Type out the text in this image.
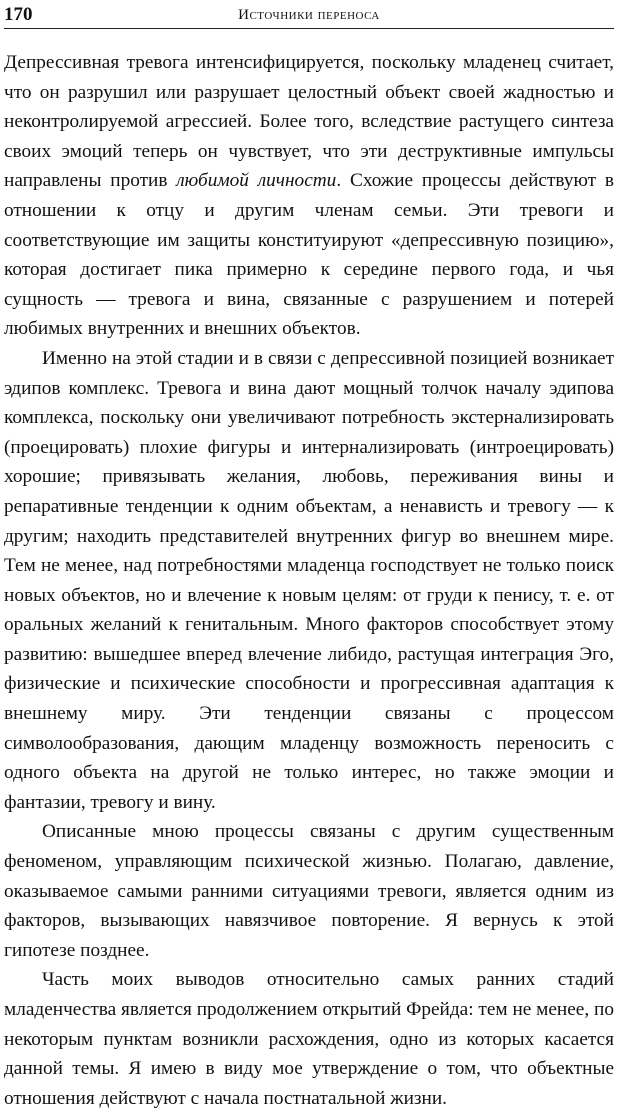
170	Источники переноса

Депрессивная тревога интенсифицируется, поскольку младенец считает, что он разрушил или разрушает целостный объект своей жадностью и неконтролируемой агрессией. Более того, вследствие растущего синтеза своих эмоций теперь он чувствует, что эти деструктивные импульсы направлены против любимой личности. Схожие процессы действуют в отношении к отцу и другим членам семьи. Эти тревоги и соответствующие им защиты конституируют «депрессивную позицию», которая достигает пика примерно к середине первого года, и чья сущность — тревога и вина, связанные с разрушением и потерей любимых внутренних и внешних объектов.

Именно на этой стадии и в связи с депрессивной позицией возникает эдипов комплекс. Тревога и вина дают мощный толчок началу эдипова комплекса, поскольку они увеличивают потребность экстернализировать (проецировать) плохие фигуры и интернализировать (интроецировать) хорошие; привязывать желания, любовь, переживания вины и репаративные тенденции к одним объектам, а ненависть и тревогу — к другим; находить представителей внутренних фигур во внешнем мире. Тем не менее, над потребностями младенца господствует не только поиск новых объектов, но и влечение к новым целям: от груди к пенису, т. е. от оральных желаний к генитальным. Много факторов способствует этому развитию: вышедшее вперед влечение либидо, растущая интеграция Эго, физические и психические способности и прогрессивная адаптация к внешнему миру. Эти тенденции связаны с процессом символообразования, дающим младенцу возможность переносить с одного объекта на другой не только интерес, но также эмоции и фантазии, тревогу и вину.

Описанные мною процессы связаны с другим существенным феноменом, управляющим психической жизнью. Полагаю, давление, оказываемое самыми ранними ситуациями тревоги, является одним из факторов, вызывающих навязчивое повторение. Я вернусь к этой гипотезе позднее.

Часть моих выводов относительно самых ранних стадий младенчества является продолжением открытий Фрейда: тем не менее, по некоторым пунктам возникли расхождения, одно из которых касается данной темы. Я имею в виду мое утверждение о том, что объектные отношения действуют с начала постнатальной жизни.
